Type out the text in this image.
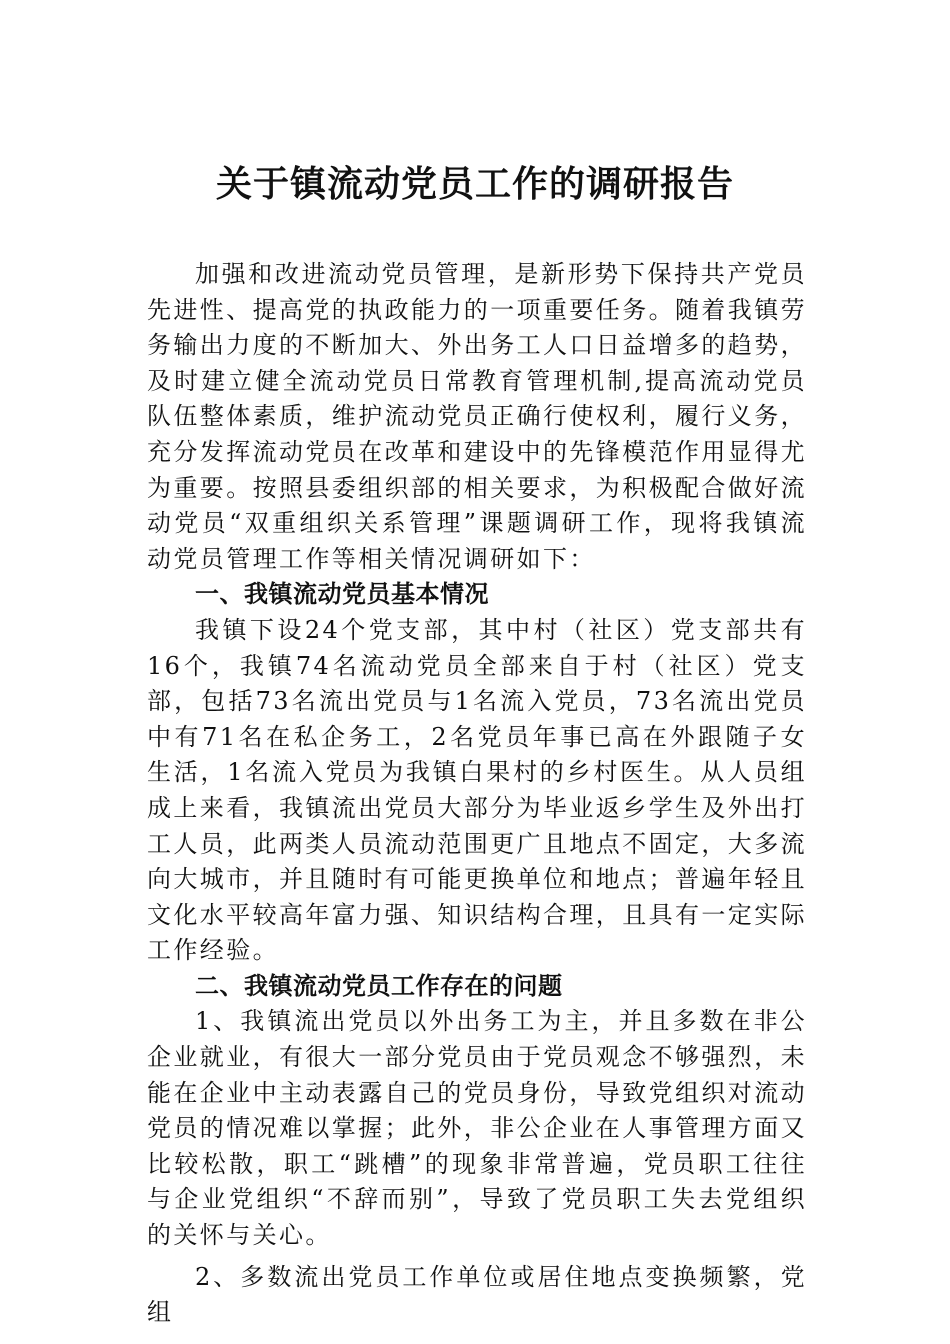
关于镇流动党员工作的调研报告

加强和改进流动党员管理，是新形势下保持共产党员先进性、提高党的执政能力的一项重要任务。随着我镇劳务输出力度的不断加大、外出务工人口日益增多的趋势，及时建立健全流动党员日常教育管理机制,提高流动党员队伍整体素质，维护流动党员正确行使权利，履行义务，充分发挥流动党员在改革和建设中的先锋模范作用显得尤为重要。按照县委组织部的相关要求，为积极配合做好流动党员“双重组织关系管理”课题调研工作，现将我镇流动党员管理工作等相关情况调研如下：

一、我镇流动党员基本情况

我镇下设24个党支部，其中村（社区）党支部共有16个，我镇74名流动党员全部来自于村（社区）党支部，包括73名流出党员与1名流入党员，73名流出党员中有71名在私企务工，2名党员年事已高在外跟随子女生活，1名流入党员为我镇白果村的乡村医生。从人员组成上来看，我镇流出党员大部分为毕业返乡学生及外出打工人员，此两类人员流动范围更广且地点不固定，大多流向大城市，并且随时有可能更换单位和地点；普遍年轻且文化水平较高年富力强、知识结构合理，且具有一定实际工作经验。

二、我镇流动党员工作存在的问题

1、我镇流出党员以外出务工为主，并且多数在非公企业就业，有很大一部分党员由于党员观念不够强烈，未能在企业中主动表露自己的党员身份，导致党组织对流动党员的情况难以掌握；此外，非公企业在人事管理方面又比较松散，职工“跳槽”的现象非常普遍，党员职工往往与企业党组织“不辞而别”，导致了党员职工失去党组织的关怀与关心。

2、多数流出党员工作单位或居住地点变换频繁，党组
